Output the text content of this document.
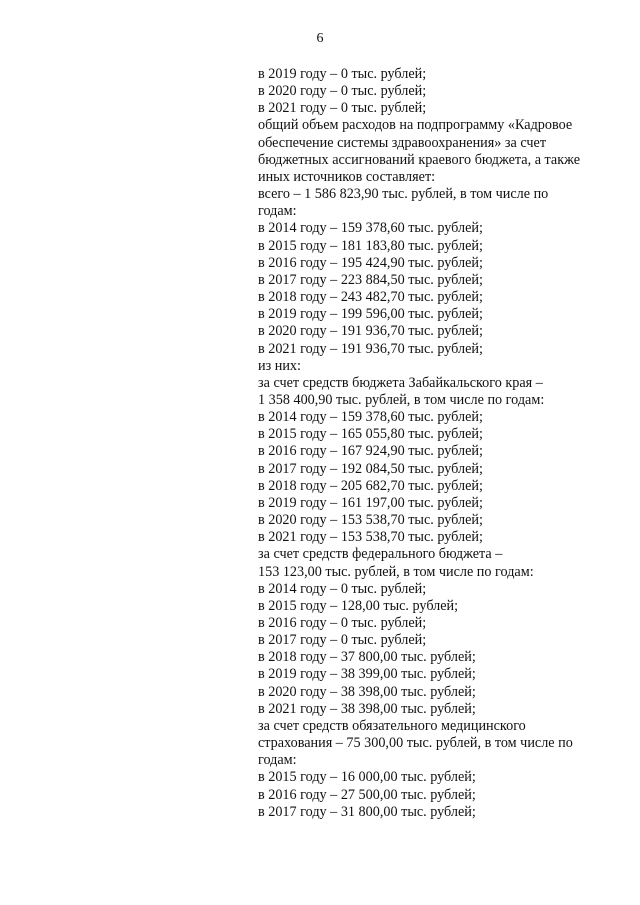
6
в 2019 году – 0 тыс. рублей;
в 2020 году – 0 тыс. рублей;
в 2021 году – 0 тыс. рублей;
общий объем расходов на подпрограмму «Кадровое
обеспечение системы здравоохранения» за счет
бюджетных ассигнований краевого бюджета, а также
иных источников составляет:
всего – 1 586 823,90 тыс. рублей, в том числе по
годам:
в 2014 году – 159 378,60 тыс. рублей;
в 2015 году – 181 183,80 тыс. рублей;
в 2016 году – 195 424,90 тыс. рублей;
в 2017 году – 223 884,50 тыс. рублей;
в 2018 году – 243 482,70 тыс. рублей;
в 2019 году – 199 596,00 тыс. рублей;
в 2020 году – 191 936,70 тыс. рублей;
в 2021 году – 191 936,70 тыс. рублей;
из них:
за счет средств бюджета Забайкальского края –
1 358 400,90 тыс. рублей, в том числе по годам:
в 2014 году – 159 378,60 тыс. рублей;
в 2015 году – 165 055,80 тыс. рублей;
в 2016 году – 167 924,90 тыс. рублей;
в 2017 году – 192 084,50 тыс. рублей;
в 2018 году – 205 682,70 тыс. рублей;
в 2019 году – 161 197,00 тыс. рублей;
в 2020 году – 153 538,70 тыс. рублей;
в 2021 году – 153 538,70 тыс. рублей;
за счет средств федерального бюджета –
153 123,00 тыс. рублей, в том числе по годам:
в 2014 году – 0 тыс. рублей;
в 2015 году – 128,00 тыс. рублей;
в 2016 году – 0 тыс. рублей;
в 2017 году – 0 тыс. рублей;
в 2018 году – 37 800,00 тыс. рублей;
в 2019 году – 38 399,00 тыс. рублей;
в 2020 году – 38 398,00 тыс. рублей;
в 2021 году – 38 398,00 тыс. рублей;
за счет средств обязательного медицинского
страхования – 75 300,00 тыс. рублей, в том числе по
годам:
в 2015 году – 16 000,00 тыс. рублей;
в 2016 году – 27 500,00 тыс. рублей;
в 2017 году – 31 800,00 тыс. рублей;
